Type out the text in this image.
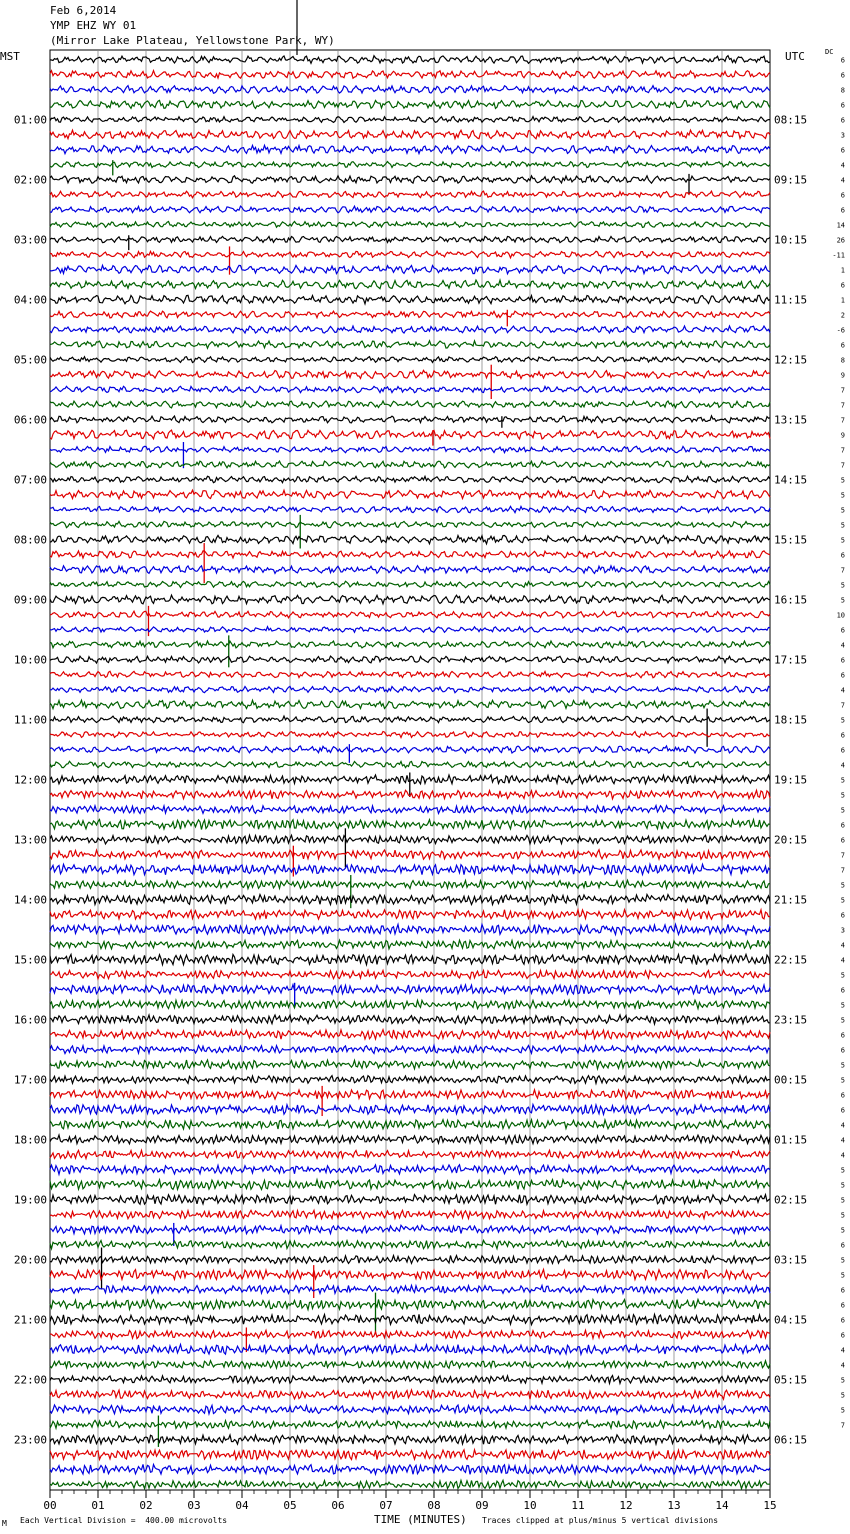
Feb 6,2014
YMP EHZ WY 01
(Mirror Lake Plateau, Yellowstone Park, WY)
MST	UTC	DC
00	01	02	03	04	05	06	07	08	09	10	11	12	13	14	15
01:00
02:00
03:00
04:00
05:00
06:00
07:00
08:00
09:00
10:00
11:00
12:00
13:00
14:00
15:00
16:00
17:00
18:00
19:00
20:00
21:00
22:00
23:00
08:15
09:15
10:15
11:15
12:15
13:15
14:15
15:15
16:15
17:15
18:15
19:15
20:15
21:15
22:15
23:15
00:15
01:15
02:15
03:15
04:15
05:15
06:15
6
6
8
6
6
3
6
4
4
6
6
14
26
-11
1
6
1
2
-6
6
8
9
7
7
7
9
7
7
5
5
5
5
5
6
7
5
5
10
6
4
6
6
4
7
5
6
6
4
5
5
5
6
6
7
7
5
5
6
3
4
4
5
6
5
5
6
6
5
5
6
6
4
4
4
5
5
5
5
5
6
5
5
6
6
6
6
4
4
5
5
5
7
M Each Vertical Division =  400.00 microvolts	TIME (MINUTES) Traces clipped at plus/minus 5 vertical divisions
